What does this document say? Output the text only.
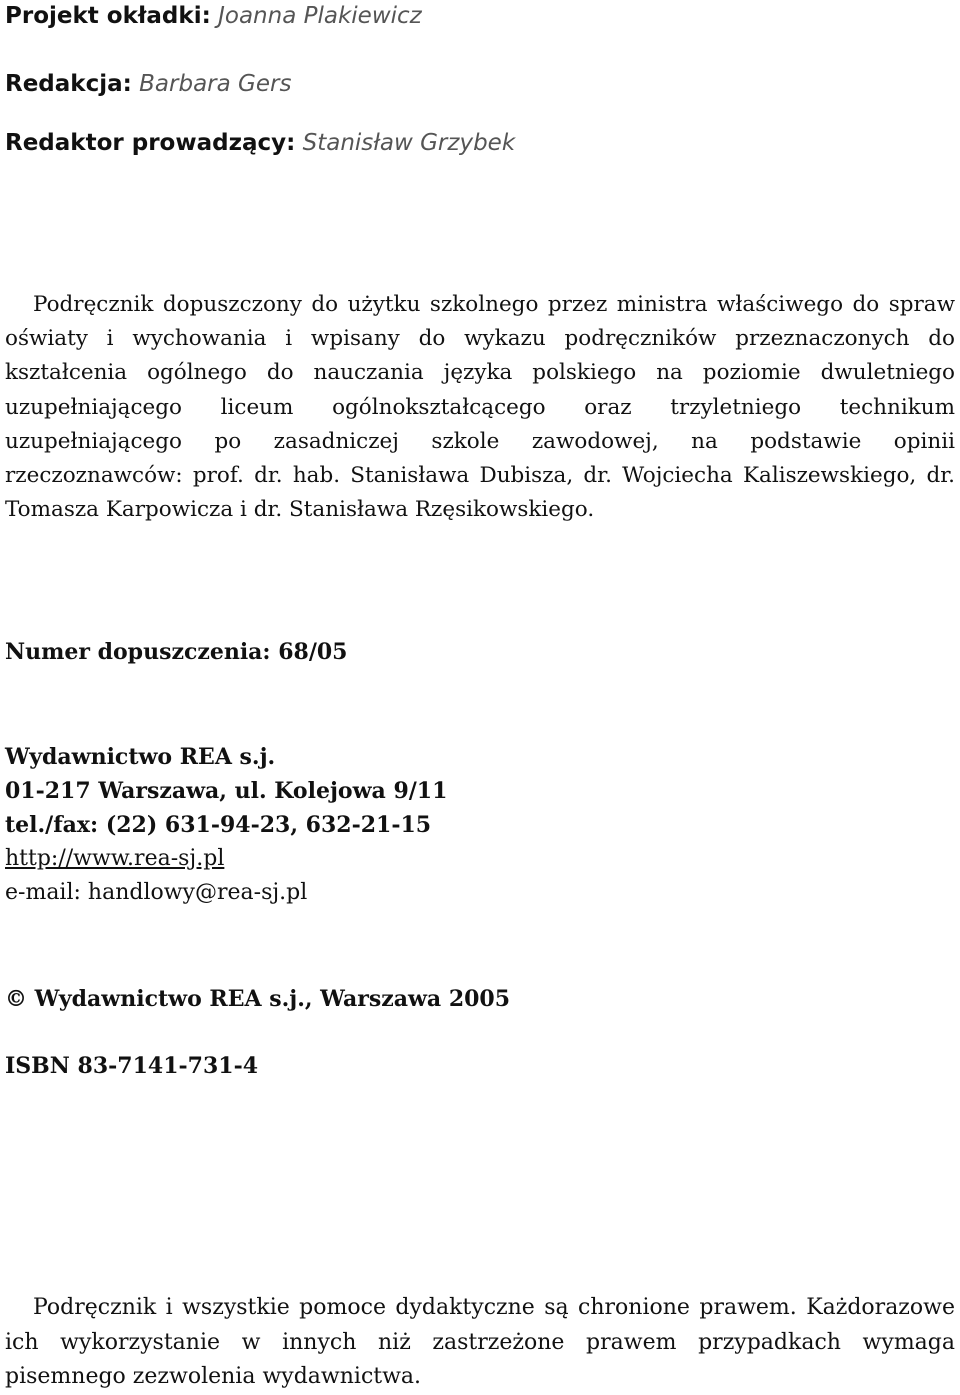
Projekt okładki: Joanna Plakiewicz
Redakcja: Barbara Gers
Redaktor prowadzący: Stanisław Grzybek
Podręcznik dopuszczony do użytku szkolnego przez ministra właściwego do spraw oświaty i wychowania i wpisany do wykazu podręczników przeznaczonych do kształcenia ogólnego do nauczania języka polskiego na poziomie dwuletniego uzupełniającego liceum ogólnokształcącego oraz trzyletniego technikum uzupełniającego po zasadniczej szkole zawodowej, na podstawie opinii rzeczoznawców: prof. dr. hab. Stanisława Dubisza, dr. Wojciecha Kaliszewskiego, dr. Tomasza Karpowicza i dr. Stanisława Rzęsikowskiego.
Numer dopuszczenia: 68/05
Wydawnictwo REA s.j.
01-217 Warszawa, ul. Kolejowa 9/11
tel./fax: (22) 631-94-23, 632-21-15
http://www.rea-sj.pl
e-mail: handlowy@rea-sj.pl
© Wydawnictwo REA s.j., Warszawa 2005
ISBN 83-7141-731-4
Podręcznik i wszystkie pomoce dydaktyczne są chronione prawem. Każdorazowe ich wykorzystanie w innych niż zastrzeżone prawem przypadkach wymaga pisemnego zezwolenia wydawnictwa.
